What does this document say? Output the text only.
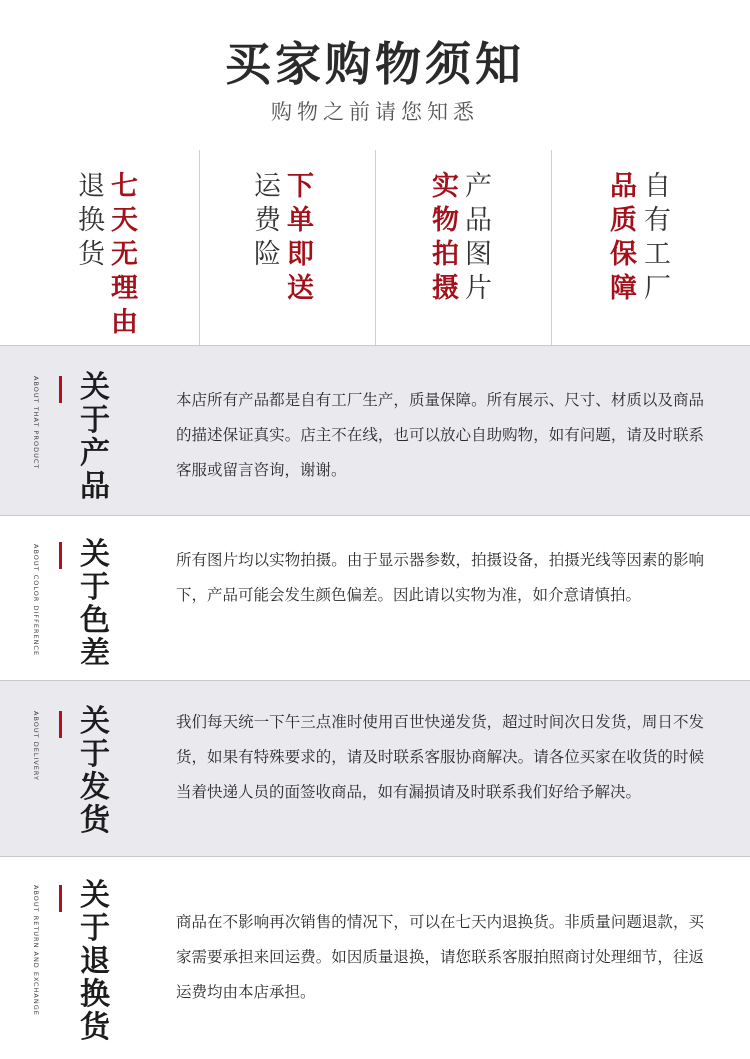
买家购物须知
购物之前请您知悉
退
换
货
七
天
无
理
由
运
费
险
下
单
即
送
实
物
拍
摄
产
品
图
片
品
质
保
障
自
有
工
厂
ABOUT THAT PRODUCT 关
于
产
品
本店所有产品都是自有工厂生产，质量保障。所有展示、尺寸、材质以及商品的描述保证真实。店主不在线，也可以放心自助购物，如有问题，请及时联系客服或留言咨询，谢谢。
ABOUT COLOR DIFFERENCE 关
于
色
差
所有图片均以实物拍摄。由于显示器参数，拍摄设备，拍摄光线等因素的影响下，产品可能会发生颜色偏差。因此请以实物为准，如介意请慎拍。
ABOUT DELIVERY 关
于
发
货
我们每天统一下午三点准时使用百世快递发货，超过时间次日发货，周日不发货，如果有特殊要求的，请及时联系客服协商解决。请各位买家在收货的时候当着快递人员的面签收商品，如有漏损请及时联系我们好给予解决。
ABOUT RETURN AND EXCHANGE 关
于
退
换
货
商品在不影响再次销售的情况下，可以在七天内退换货。非质量问题退款，买家需要承担来回运费。如因质量退换，请您联系客服拍照商讨处理细节，往返运费均由本店承担。
